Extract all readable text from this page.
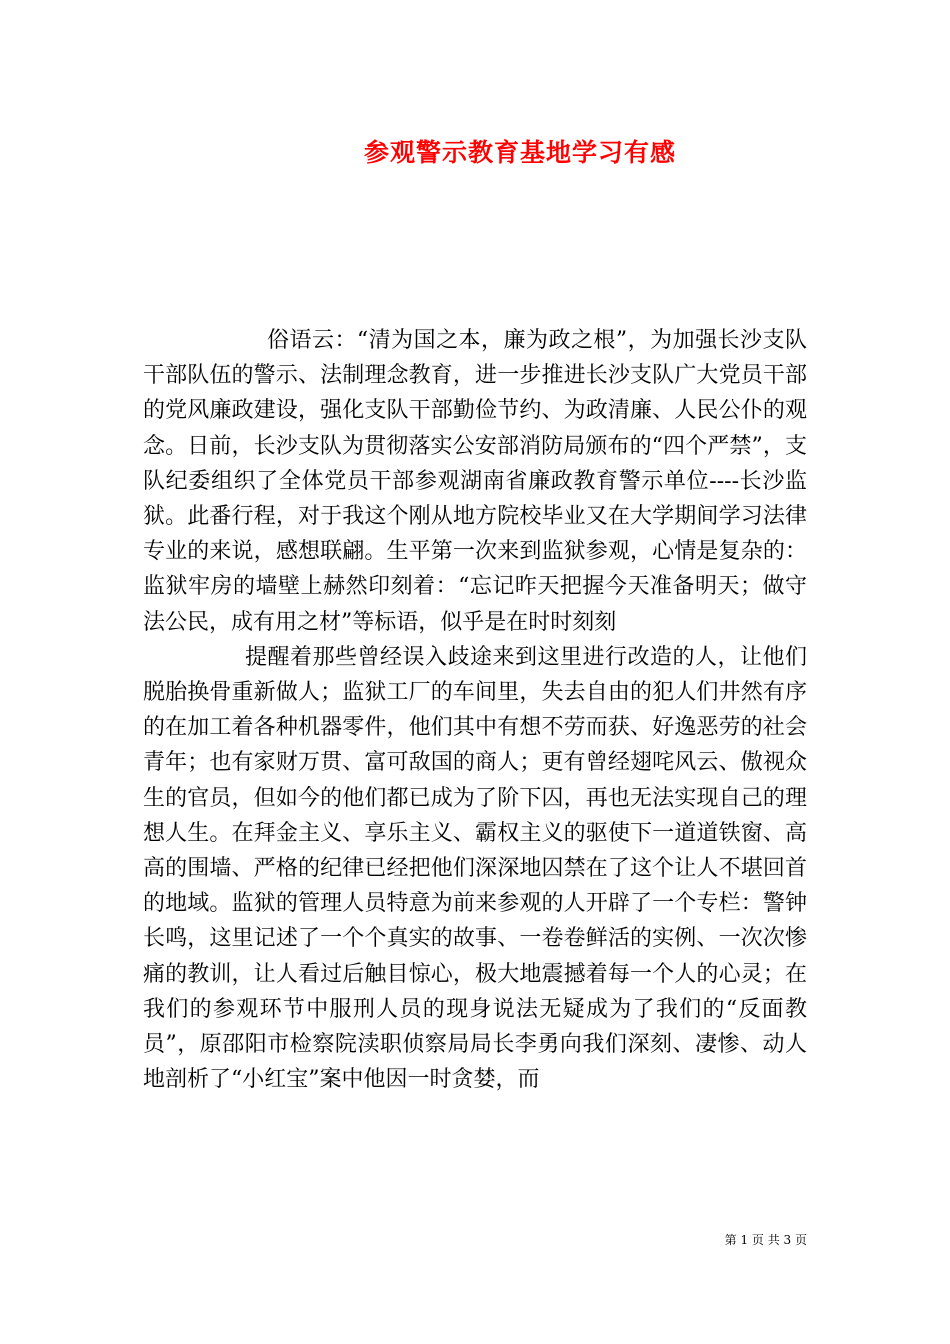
参观警示教育基地学习有感

俗语云：“清为国之本，廉为政之根”，为加强长沙支队干部队伍的警示、法制理念教育，进一步推进长沙支队广大党员干部的党风廉政建设，强化支队干部勤俭节约、为政清廉、人民公仆的观念。日前，长沙支队为贯彻落实公安部消防局颁布的“四个严禁”，支队纪委组织了全体党员干部参观湖南省廉政教育警示单位----长沙监狱。此番行程，对于我这个刚从地方院校毕业又在大学期间学习法律专业的来说，感想联翩。生平第一次来到监狱参观，心情是复杂的：监狱牢房的墙壁上赫然印刻着：“忘记昨天把握今天准备明天；做守法公民，成有用之材”等标语，似乎是在时时刻刻

提醒着那些曾经误入歧途来到这里进行改造的人，让他们脱胎换骨重新做人；监狱工厂的车间里，失去自由的犯人们井然有序的在加工着各种机器零件，他们其中有想不劳而获、好逸恶劳的社会青年；也有家财万贯、富可敌国的商人；更有曾经翅咤风云、傲视众生的官员，但如今的他们都已成为了阶下囚，再也无法实现自己的理想人生。在拜金主义、享乐主义、霸权主义的驱使下一道道铁窗、高高的围墙、严格的纪律已经把他们深深地囚禁在了这个让人不堪回首的地域。监狱的管理人员特意为前来参观的人开辟了一个专栏：警钟长鸣，这里记述了一个个真实的故事、一卷卷鲜活的实例、一次次惨痛的教训，让人看过后触目惊心，极大地震撼着每一个人的心灵；在我们的参观环节中服刑人员的现身说法无疑成为了我们的“反面教员”，原邵阳市检察院渎职侦察局局长李勇向我们深刻、凄惨、动人地剖析了“小红宝”案中他因一时贪婪，而

第 1 页 共 3 页
